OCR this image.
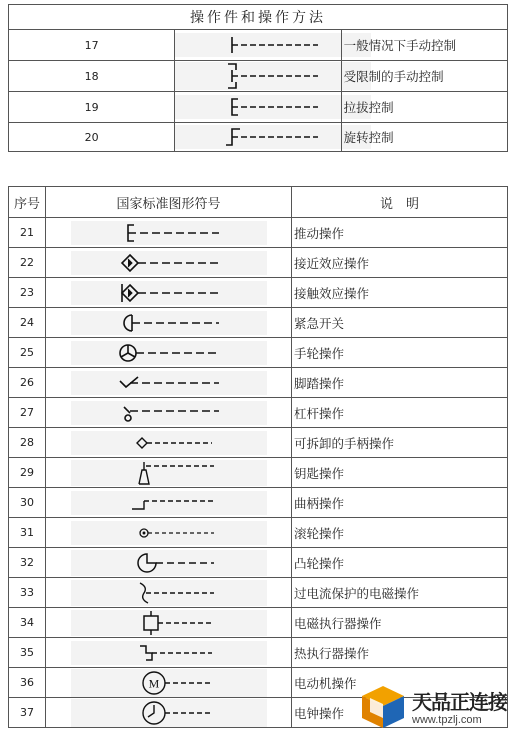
操作件和操作方法		
17		一般情况下手动控制
18		受限制的手动控制
19		拉拔控制
20		旋转控制
序号	国家标准图形符号	说　明
21		推动操作
22		接近效应操作
23		接触效应操作
24		紧急开关
25		手轮操作
26		脚踏操作
27		杠杆操作
28		可拆卸的手柄操作
29		钥匙操作
30		曲柄操作
31		滚轮操作
32		凸轮操作
33		过电流保护的电磁操作
34		电磁执行器操作
35		热执行器操作
36	M	电动机操作
37		电钟操作	天品正连接
www.tpzlj.com
